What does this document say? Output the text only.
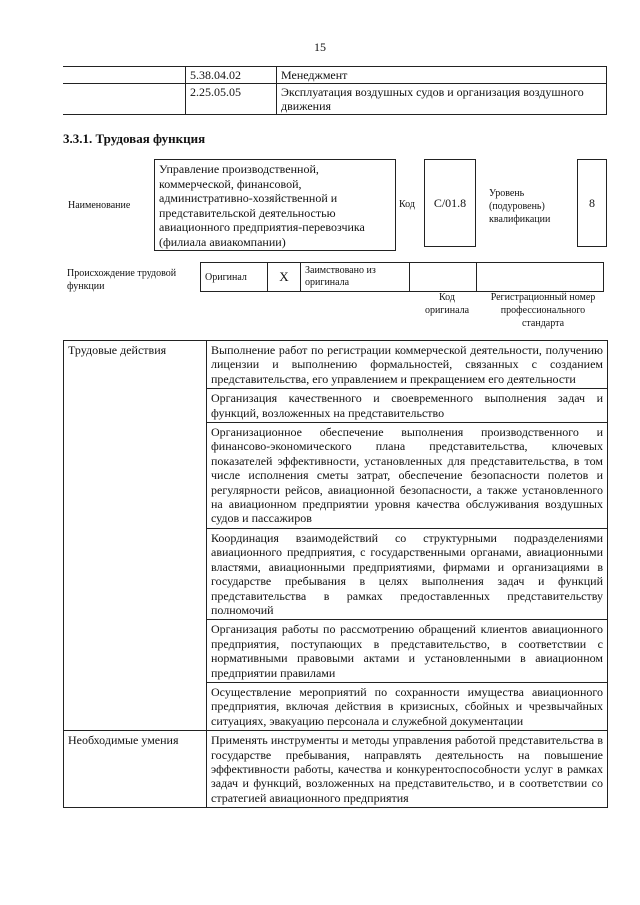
15
	5.38.04.02	Менеджмент
	2.25.05.05	Эксплуатация воздушных судов и организация воздушного движения
3.3.1. Трудовая функция
Наименование
Управление производственной, коммерческой, финансовой, административно-хозяйственной и представительской деятельностью авиационного предприятия-перевозчика (филиала авиакомпании)
Код	C/01.8
Уровень (подуровень) квалификации
8
Происхождение трудовой функции
Оригинал	X	Заимствовано из оригинала		
Код оригинала
Регистрационный номер профессионального стандарта
Трудовые действия	Выполнение работ по регистрации коммерческой деятельности, получению лицензии и выполнению формальностей, связанных с созданием представительства, его управлением и прекращением его деятельности
	Организация качественного и своевременного выполнения задач и функций, возложенных на представительство
	Организационное обеспечение выполнения производственного и финансово-экономического плана представительства, ключевых показателей эффективности, установленных для представительства, в том числе исполнения сметы затрат, обеспечение безопасности полетов и регулярности рейсов, авиационной безопасности, а также установленного на авиационном предприятии уровня качества обслуживания воздушных судов и пассажиров
	Координация взаимодействий со структурными подразделениями авиационного предприятия, с государственными органами, авиационными властями, авиационными предприятиями, фирмами и организациями в государстве пребывания в целях выполнения задач и функций представительства в рамках предоставленных представительству полномочий
	Организация работы по рассмотрению обращений клиентов авиационного предприятия, поступающих в представительство, в соответствии с нормативными правовыми актами и установленными в авиационном предприятии правилами
	Осуществление мероприятий по сохранности имущества авиационного предприятия, включая действия в кризисных, сбойных и чрезвычайных ситуациях, эвакуацию персонала и служебной документации
Необходимые умения	Применять инструменты и методы управления работой представительства в государстве пребывания, направлять деятельность на повышение эффективности работы, качества и конкурентоспособности услуг в рамках задач и функций, возложенных на представительство, и в соответствии со стратегией авиационного предприятия
